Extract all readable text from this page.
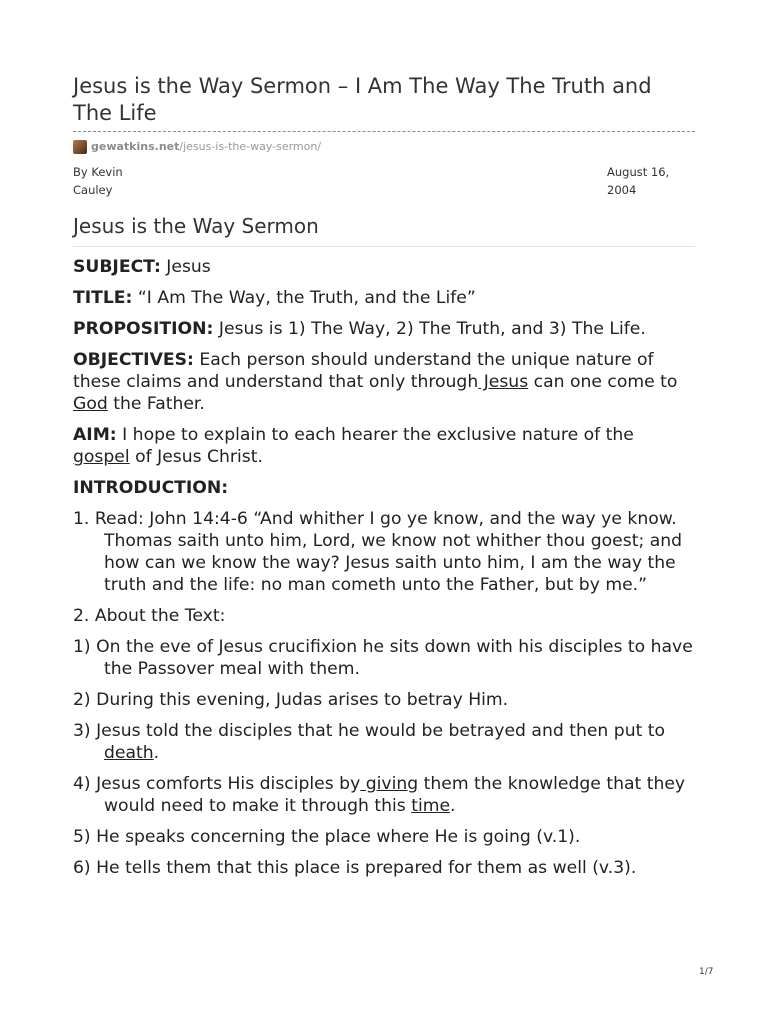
Jesus is the Way Sermon – I Am The Way The Truth and The Life
gewatkins.net /jesus-is-the-way-sermon/
By Kevin Cauley
August 16, 2004
Jesus is the Way Sermon

SUBJECT: Jesus

TITLE: “I Am The Way, the Truth, and the Life”

PROPOSITION: Jesus is 1) The Way, 2) The Truth, and 3) The Life.

OBJECTIVES: Each person should understand the unique nature of these claims and understand that only through Jesus can one come to God the Father.

AIM: I hope to explain to each hearer the exclusive nature of the gospel of Jesus Christ.

INTRODUCTION:

1. Read: John 14:4-6 “And whither I go ye know, and the way ye know. Thomas saith unto him, Lord, we know not whither thou goest; and how can we know the way? Jesus saith unto him, I am the way the truth and the life: no man cometh unto the Father, but by me.”

2. About the Text:

1) On the eve of Jesus crucifixion he sits down with his disciples to have the Passover meal with them.

2) During this evening, Judas arises to betray Him.

3) Jesus told the disciples that he would be betrayed and then put to death.

4) Jesus comforts His disciples by giving them the knowledge that they would need to make it through this time.

5) He speaks concerning the place where He is going (v.1).

6) He tells them that this place is prepared for them as well (v.3).

1/7
